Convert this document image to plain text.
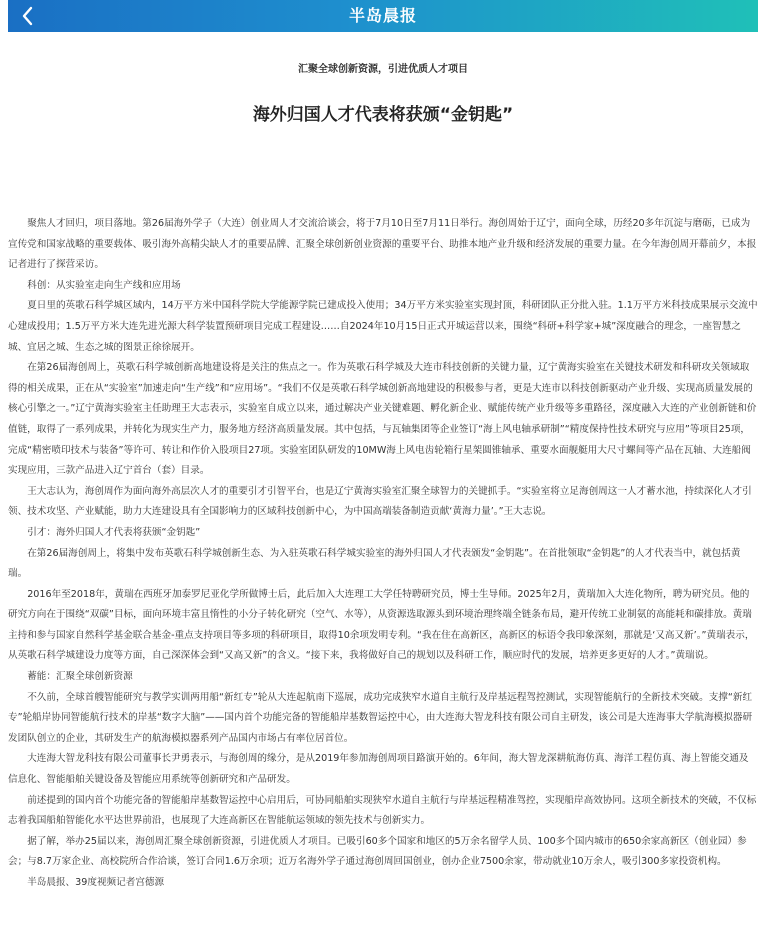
半岛晨报
汇聚全球创新资源，引进优质人才项目
海外归国人才代表将获颁“金钥匙”

聚焦人才回归，项目落地。第26届海外学子（大连）创业周人才交流洽谈会，将于7月10日至7月11日举行。海创周始于辽宁，面向全球，历经20多年沉淀与磨砺，已成为宣传党和国家战略的重要载体、吸引海外高精尖缺人才的重要品牌、汇聚全球创新创业资源的重要平台、助推本地产业升级和经济发展的重要力量。在今年海创周开幕前夕，本报记者进行了探营采访。

科创：从实验室走向生产线和应用场

夏日里的英歌石科学城区域内，14万平方米中国科学院大学能源学院已建成投入使用；34万平方米实验室实现封顶，科研团队正分批入驻。1.1万平方米科技成果展示交流中心建成投用；1.5万平方米大连先进光源大科学装置预研项目完成工程建设……自2024年10月15日正式开城运营以来，围绕“科研+科学家+城”深度融合的理念，一座智慧之城、宜居之城、生态之城的图景正徐徐展开。

在第26届海创周上，英歌石科学城创新高地建设将是关注的焦点之一。作为英歌石科学城及大连市科技创新的关键力量，辽宁黄海实验室在关键技术研发和科研攻关领域取得的相关成果，正在从“实验室”加速走向“生产线”和“应用场”。“我们不仅是英歌石科学城创新高地建设的积极参与者，更是大连市以科技创新驱动产业升级、实现高质量发展的核心引擎之一。”辽宁黄海实验室主任助理王大志表示，实验室自成立以来，通过解决产业关键难题、孵化新企业、赋能传统产业升级等多重路径，深度融入大连的产业创新链和价值链，取得了一系列成果，并转化为现实生产力，服务地方经济高质量发展。其中包括，与瓦轴集团等企业签订“海上风电轴承研制”“精度保持性技术研究与应用”等项目25项，完成“精密喷印技术与装备”等许可、转让和作价入股项目27项。实验室团队研发的10MW海上风电齿轮箱行星架圆锥轴承、重要水面舰艇用大尺寸螺间等产品在瓦轴、大连船阀实现应用，三款产品进入辽宁首台（套）目录。

王大志认为，海创周作为面向海外高层次人才的重要引才引智平台，也是辽宁黄海实验室汇聚全球智力的关键抓手。“实验室将立足海创周这一人才蓄水池，持续深化人才引领、技术攻坚、产业赋能，助力大连建设具有全国影响力的区域科技创新中心，为中国高端装备制造贡献‘黄海力量’。”王大志说。

引才：海外归国人才代表将获颁“金钥匙”

在第26届海创周上，将集中发布英歌石科学城创新生态、为入驻英歌石科学城实验室的海外归国人才代表颁发“金钥匙”。在首批领取“金钥匙”的人才代表当中，就包括黄瑞。

2016年至2018年，黄瑞在西班牙加泰罗尼亚化学所做博士后，此后加入大连理工大学任特聘研究员，博士生导师。2025年2月，黄瑞加入大连化物所，聘为研究员。他的研究方向在于围绕“双碳”目标，面向环境丰富且惰性的小分子转化研究（空气、水等），从资源选取源头到环境治理终端全链条布局，避开传统工业制氨的高能耗和碳排放。黄瑞主持和参与国家自然科学基金联合基金-重点支持项目等多项的科研项目，取得10余项发明专利。“我在住在高新区，高新区的标语令我印象深刻，那就是‘又高又新’。”黄瑞表示，从英歌石科学城建设力度等方面，自己深深体会到“又高又新”的含义。“接下来，我将做好自己的规划以及科研工作，顺应时代的发展，培养更多更好的人才。”黄瑞说。

蓄能：汇聚全球创新资源

不久前，全球首艘智能研究与教学实训两用船“新红专”轮从大连起航南下巡展，成功完成狭窄水道自主航行及岸基远程驾控测试，实现智能航行的全新技术突破。支撑“新红专”轮船岸协同智能航行技术的岸基“数字大脑”——国内首个功能完备的智能船岸基数智运控中心，由大连海大智龙科技有限公司自主研发，该公司是大连海事大学航海模拟器研发团队创立的企业，其研发生产的航海模拟器系列产品国内市场占有率位居首位。

大连海大智龙科技有限公司董事长尹勇表示，与海创周的缘分，是从2019年参加海创周项目路演开始的。6年间，海大智龙深耕航海仿真、海洋工程仿真、海上智能交通及信息化、智能船舶关键设备及智能应用系统等创新研究和产品研发。

前述提到的国内首个功能完备的智能船岸基数智运控中心启用后，可协同船舶实现狭窄水道自主航行与岸基远程精准驾控，实现船岸高效协同。这项全新技术的突破，不仅标志着我国船舶智能化水平达世界前沿，也展现了大连高新区在智能航运领域的领先技术与创新实力。

据了解，举办25届以来，海创周汇聚全球创新资源，引进优质人才项目。已吸引60多个国家和地区的5万余名留学人员、100多个国内城市的650余家高新区（创业园）参会；与8.7万家企业、高校院所合作洽谈，签订合同1.6万余项；近万名海外学子通过海创周回国创业，创办企业7500余家，带动就业10万余人，吸引300多家投资机构。

半岛晨报、39度视频记者宫德源
